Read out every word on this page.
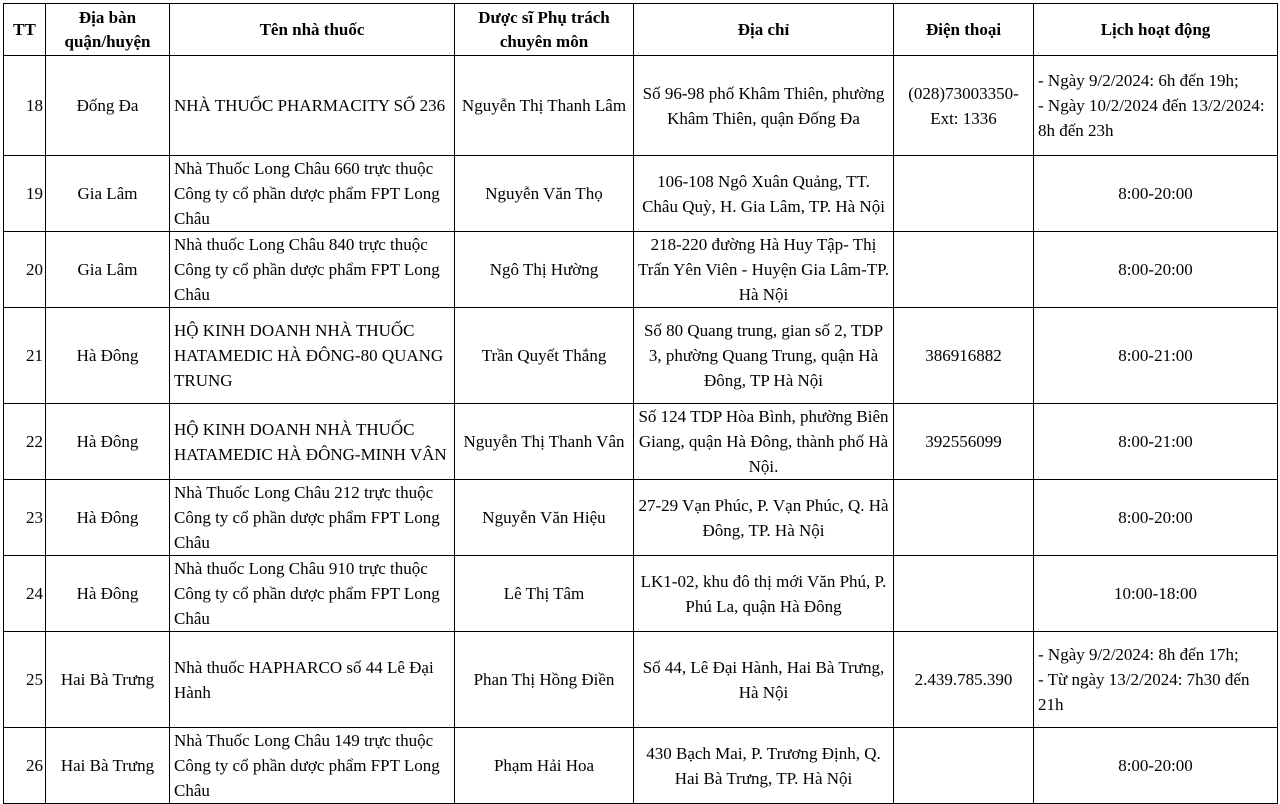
TT	Địa bàn quận/huyện	Tên nhà thuốc	Dược sĩ Phụ trách chuyên môn	Địa chỉ	Điện thoại	Lịch hoạt động
18	Đống Đa	NHÀ THUỐC PHARMACITY SỐ 236	Nguyễn Thị Thanh Lâm	Số 96-98 phố Khâm Thiên, phường Khâm Thiên, quận Đống Đa	(028)73003350-Ext: 1336	- Ngày 9/2/2024: 6h đến 19h;
- Ngày 10/2/2024 đến 13/2/2024: 8h đến 23h

19	Gia Lâm	Nhà Thuốc Long Châu 660 trực thuộc Công ty cổ phần dược phẩm FPT Long Châu	Nguyễn Văn Thọ	106-108 Ngô Xuân Quảng, TT. Châu Quỳ, H. Gia Lâm, TP. Hà Nội		8:00-20:00

20	Gia Lâm	Nhà thuốc Long Châu 840 trực thuộc Công ty cổ phần dược phẩm FPT Long Châu	Ngô Thị Hường	218-220 đường Hà Huy Tập- Thị Trấn Yên Viên - Huyện Gia Lâm-TP. Hà Nội		8:00-20:00

21	Hà Đông	HỘ KINH DOANH NHÀ THUỐC HATAMEDIC HÀ ĐÔNG-80 QUANG TRUNG	Trần Quyết Thắng	Số 80 Quang trung, gian số 2, TDP 3, phường Quang Trung, quận Hà Đông, TP Hà Nội	386916882	8:00-21:00

22	Hà Đông	HỘ KINH DOANH NHÀ THUỐC HATAMEDIC HÀ ĐÔNG-MINH VÂN	Nguyễn Thị Thanh Vân	Số 124 TDP Hòa Bình, phường Biên Giang, quận Hà Đông, thành phố Hà Nội.	392556099	8:00-21:00

23	Hà Đông	Nhà Thuốc Long Châu 212 trực thuộc Công ty cổ phần dược phẩm FPT Long Châu	Nguyễn Văn Hiệu	27-29 Vạn Phúc, P. Vạn Phúc, Q. Hà Đông, TP. Hà Nội		8:00-20:00

24	Hà Đông	Nhà thuốc Long Châu 910 trực thuộc Công ty cổ phần dược phẩm FPT Long Châu	Lê Thị Tâm	LK1-02, khu đô thị mới Văn Phú, P. Phú La, quận Hà Đông		10:00-18:00

25	Hai Bà Trưng	Nhà thuốc HAPHARCO số 44 Lê Đại Hành	Phan Thị Hồng Điền	Số 44, Lê Đại Hành, Hai Bà Trưng, Hà Nội	2.439.785.390	- Ngày 9/2/2024: 8h đến 17h;
- Từ ngày 13/2/2024: 7h30 đến 21h

26	Hai Bà Trưng	Nhà Thuốc Long Châu 149 trực thuộc Công ty cổ phần dược phẩm FPT Long Châu	Phạm Hải Hoa	430 Bạch Mai, P. Trương Định, Q. Hai Bà Trưng, TP. Hà Nội		8:00-20:00
